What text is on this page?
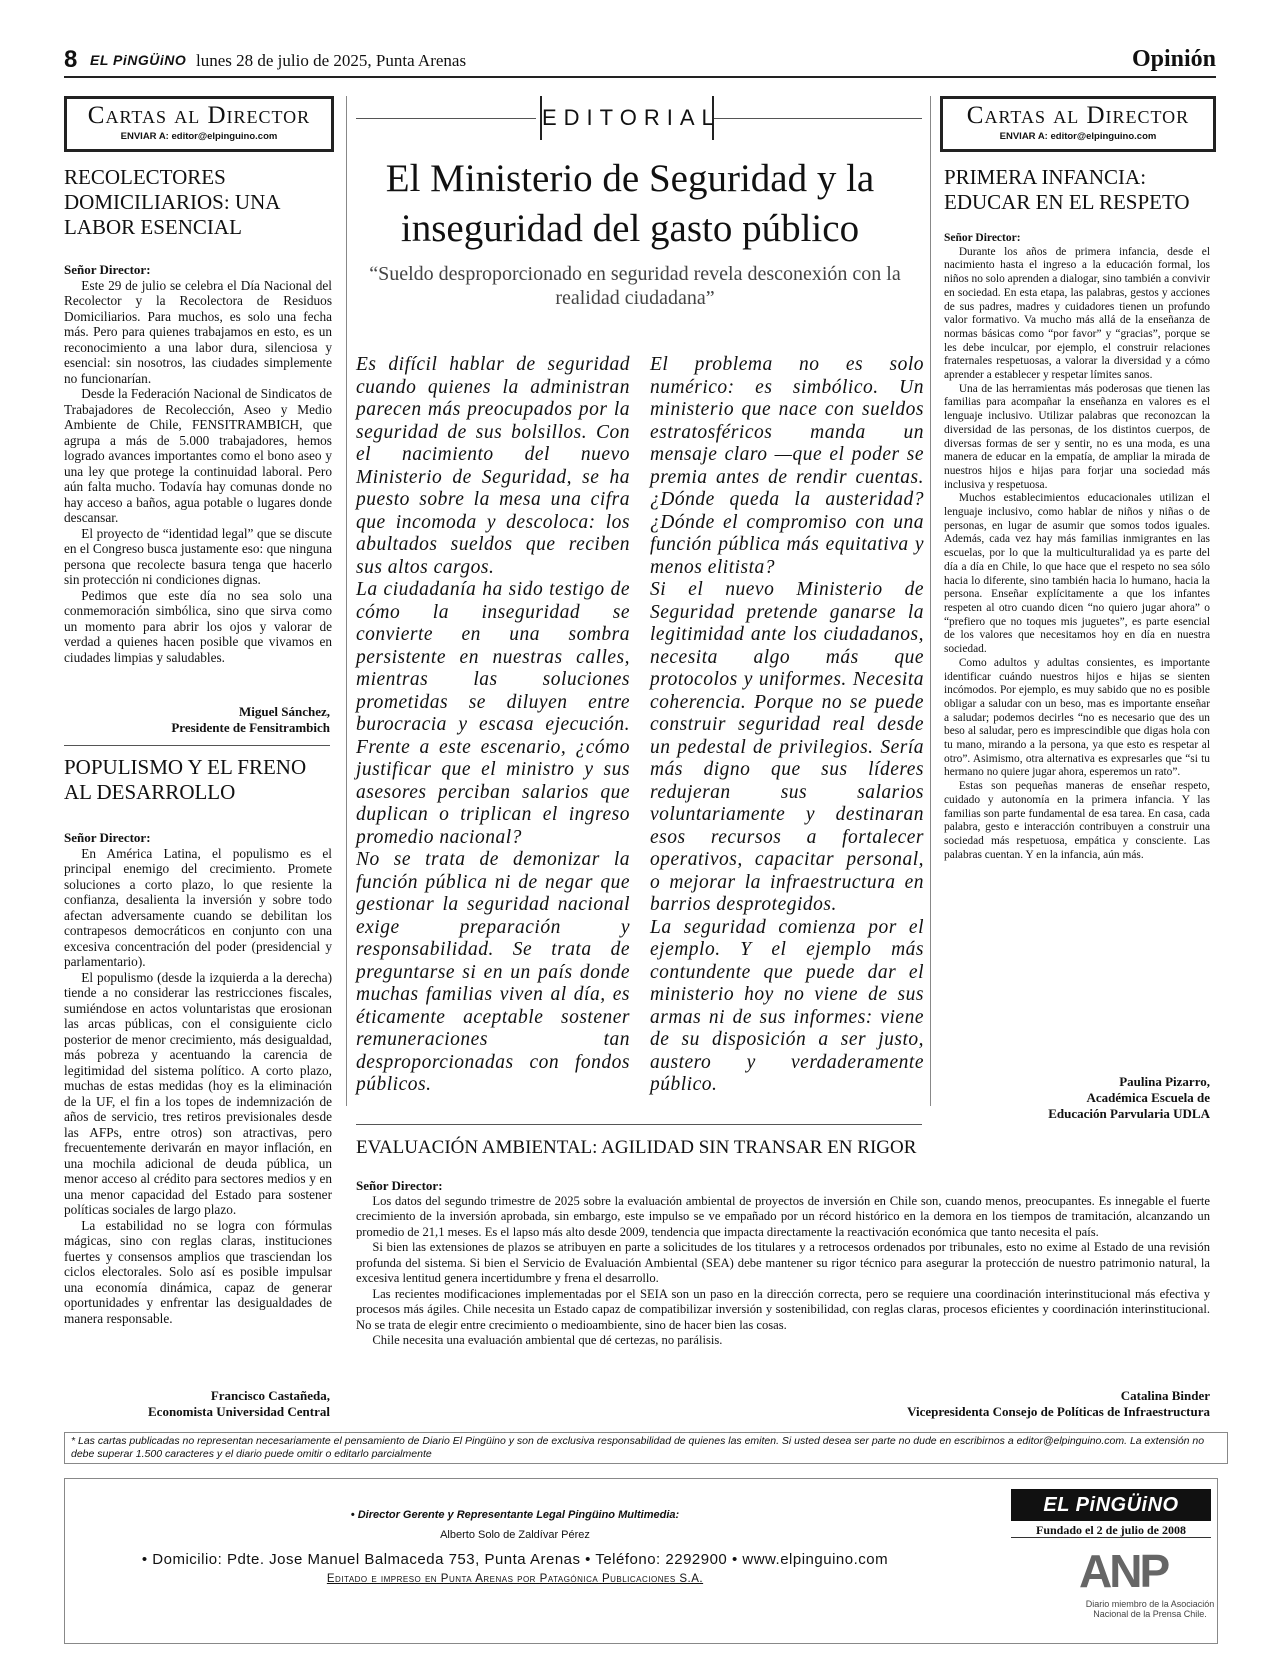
8 EL PiNGÜiNO lunes 28 de julio de 2025, Punta Arenas	Opinión
Cartas al Director
ENVIAR A: editor@elpinguino.com
RECOLECTORES DOMICILIARIOS: UNA LABOR ESENCIAL

Señor Director:

Este 29 de julio se celebra el Día Nacional del Recolector y la Recolectora de Residuos Domiciliarios. Para muchos, es solo una fecha más. Pero para quienes trabajamos en esto, es un reconocimiento a una labor dura, silenciosa y esencial: sin nosotros, las ciudades simplemente no funcionarían.

Desde la Federación Nacional de Sindicatos de Trabajadores de Recolección, Aseo y Medio Ambiente de Chile, FENSITRAMBICH, que agrupa a más de 5.000 trabajadores, hemos logrado avances importantes como el bono aseo y una ley que protege la continuidad laboral. Pero aún falta mucho. Todavía hay comunas donde no hay acceso a baños, agua potable o lugares donde descansar.

El proyecto de “identidad legal” que se discute en el Congreso busca justamente eso: que ninguna persona que recolecte basura tenga que hacerlo sin protección ni condiciones dignas.

Pedimos que este día no sea solo una conmemoración simbólica, sino que sirva como un momento para abrir los ojos y valorar de verdad a quienes hacen posible que vivamos en ciudades limpias y saludables.

Miguel Sánchez,
Presidente de Fensitrambich
POPULISMO Y EL FRENO AL DESARROLLO

Señor Director:

En América Latina, el populismo es el principal enemigo del crecimiento. Promete soluciones a corto plazo, lo que resiente la confianza, desalienta la inversión y sobre todo afectan adversamente cuando se debilitan los contrapesos democráticos en conjunto con una excesiva concentración del poder (presidencial y parlamentario).

El populismo (desde la izquierda a la derecha) tiende a no considerar las restricciones fiscales, sumiéndose en actos voluntaristas que erosionan las arcas públicas, con el consiguiente ciclo posterior de menor crecimiento, más desigualdad, más pobreza y acentuando la carencia de legitimidad del sistema político. A corto plazo, muchas de estas medidas (hoy es la eliminación de la UF, el fin a los topes de indemnización de años de servicio, tres retiros previsionales desde las AFPs, entre otros) son atractivas, pero frecuentemente derivarán en mayor inflación, en una mochila adicional de deuda pública, un menor acceso al crédito para sectores medios y en una menor capacidad del Estado para sostener políticas sociales de largo plazo.

La estabilidad no se logra con fórmulas mágicas, sino con reglas claras, instituciones fuertes y consensos amplios que trasciendan los ciclos electorales. Solo así es posible impulsar una economía dinámica, capaz de generar oportunidades y enfrentar las desigualdades de manera responsable.

Francisco Castañeda,
Economista Universidad Central
EDITORIAL
El Ministerio de Seguridad y la inseguridad del gasto público
“Sueldo desproporcionado en seguridad revela desconexión con la realidad ciudadana”

Es difícil hablar de seguridad cuando quienes la administran parecen más preocupados por la seguridad de sus bolsillos. Con el nacimiento del nuevo Ministerio de Seguridad, se ha puesto sobre la mesa una cifra que incomoda y descoloca: los abultados sueldos que reciben sus altos cargos.

La ciudadanía ha sido testigo de cómo la inseguridad se convierte en una sombra persistente en nuestras calles, mientras las soluciones prometidas se diluyen entre burocracia y escasa ejecución. Frente a este escenario, ¿cómo justificar que el ministro y sus asesores perciban salarios que duplican o triplican el ingreso promedio nacional?

No se trata de demonizar la función pública ni de negar que gestionar la seguridad nacional exige preparación y responsabilidad. Se trata de preguntarse si en un país donde muchas familias viven al día, es éticamente aceptable sostener remuneraciones tan desproporcionadas con fondos públicos.

El problema no es solo numérico: es simbólico. Un ministerio que nace con sueldos estratosféricos manda un mensaje claro —que el poder se premia antes de rendir cuentas. ¿Dónde queda la austeridad? ¿Dónde el compromiso con una función pública más equitativa y menos elitista?

Si el nuevo Ministerio de Seguridad pretende ganarse la legitimidad ante los ciudadanos, necesita algo más que protocolos y uniformes. Necesita coherencia. Porque no se puede construir seguridad real desde un pedestal de privilegios. Sería más digno que sus líderes redujeran sus salarios voluntariamente y destinaran esos recursos a fortalecer operativos, capacitar personal, o mejorar la infraestructura en barrios desprotegidos.

La seguridad comienza por el ejemplo. Y el ejemplo más contundente que puede dar el ministerio hoy no viene de sus armas ni de sus informes: viene de su disposición a ser justo, austero y verdaderamente público.

Cartas al Director
ENVIAR A: editor@elpinguino.com
PRIMERA INFANCIA: EDUCAR EN EL RESPETO

Señor Director:

Durante los años de primera infancia, desde el nacimiento hasta el ingreso a la educación formal, los niños no solo aprenden a dialogar, sino también a convivir en sociedad. En esta etapa, las palabras, gestos y acciones de sus padres, madres y cuidadores tienen un profundo valor formativo. Va mucho más allá de la enseñanza de normas básicas como “por favor” y “gracias”, porque se les debe inculcar, por ejemplo, el construir relaciones fraternales respetuosas, a valorar la diversidad y a cómo aprender a establecer y respetar límites sanos.

Una de las herramientas más poderosas que tienen las familias para acompañar la enseñanza en valores es el lenguaje inclusivo. Utilizar palabras que reconozcan la diversidad de las personas, de los distintos cuerpos, de diversas formas de ser y sentir, no es una moda, es una manera de educar en la empatía, de ampliar la mirada de nuestros hijos e hijas para forjar una sociedad más inclusiva y respetuosa.

Muchos establecimientos educacionales utilizan el lenguaje inclusivo, como hablar de niños y niñas o de personas, en lugar de asumir que somos todos iguales. Además, cada vez hay más familias inmigrantes en las escuelas, por lo que la multiculturalidad ya es parte del día a día en Chile, lo que hace que el respeto no sea sólo hacia lo diferente, sino también hacia lo humano, hacia la persona. Enseñar explícitamente a que los infantes respeten al otro cuando dicen “no quiero jugar ahora” o “prefiero que no toques mis juguetes”, es parte esencial de los valores que necesitamos hoy en día en nuestra sociedad.

Como adultos y adultas consientes, es importante identificar cuándo nuestros hijos e hijas se sienten incómodos. Por ejemplo, es muy sabido que no es posible obligar a saludar con un beso, mas es importante enseñar a saludar; podemos decirles “no es necesario que des un beso al saludar, pero es imprescindible que digas hola con tu mano, mirando a la persona, ya que esto es respetar al otro”. Asimismo, otra alternativa es expresarles que “si tu hermano no quiere jugar ahora, esperemos un rato”.

Estas son pequeñas maneras de enseñar respeto, cuidado y autonomía en la primera infancia. Y las familias son parte fundamental de esa tarea. En casa, cada palabra, gesto e interacción contribuyen a construir una sociedad más respetuosa, empática y consciente. Las palabras cuentan. Y en la infancia, aún más.

Paulina Pizarro,
Académica Escuela de
Educación Parvularia UDLA
EVALUACIÓN AMBIENTAL: AGILIDAD SIN TRANSAR EN RIGOR

Señor Director:

Los datos del segundo trimestre de 2025 sobre la evaluación ambiental de proyectos de inversión en Chile son, cuando menos, preocupantes. Es innegable el fuerte crecimiento de la inversión aprobada, sin embargo, este impulso se ve empañado por un récord histórico en la demora en los tiempos de tramitación, alcanzando un promedio de 21,1 meses. Es el lapso más alto desde 2009, tendencia que impacta directamente la reactivación económica que tanto necesita el país.

Si bien las extensiones de plazos se atribuyen en parte a solicitudes de los titulares y a retrocesos ordenados por tribunales, esto no exime al Estado de una revisión profunda del sistema. Si bien el Servicio de Evaluación Ambiental (SEA) debe mantener su rigor técnico para asegurar la protección de nuestro patrimonio natural, la excesiva lentitud genera incertidumbre y frena el desarrollo.

Las recientes modificaciones implementadas por el SEIA son un paso en la dirección correcta, pero se requiere una coordinación interinstitucional más efectiva y procesos más ágiles. Chile necesita un Estado capaz de compatibilizar inversión y sostenibilidad, con reglas claras, procesos eficientes y coordinación interinstitucional. No se trata de elegir entre crecimiento o medioambiente, sino de hacer bien las cosas.

Chile necesita una evaluación ambiental que dé certezas, no parálisis.

Catalina Binder
Vicepresidenta Consejo de Políticas de Infraestructura
* Las cartas publicadas no representan necesariamente el pensamiento de Diario El Pingüino y son de exclusiva responsabilidad de quienes las emiten. Si usted desea ser parte no dude en escribirnos a editor@elpinguino.com. La extensión no debe superar 1.500 caracteres y el diario puede omitir o editarlo parcialmente
• Director Gerente y Representante Legal Pingüino Multimedia:
Alberto Solo de Zaldívar Pérez
• Domicilio: Pdte. Jose Manuel Balmaceda 753, Punta Arenas • Teléfono: 2292900 • www.elpinguino.com
Editado e impreso en Punta Arenas por Patagónica Publicaciones S.A.
EL PiNGÜiNO
Fundado el 2 de julio de 2008
ANP
Diario miembro de la Asociación
Nacional de la Prensa Chile.
